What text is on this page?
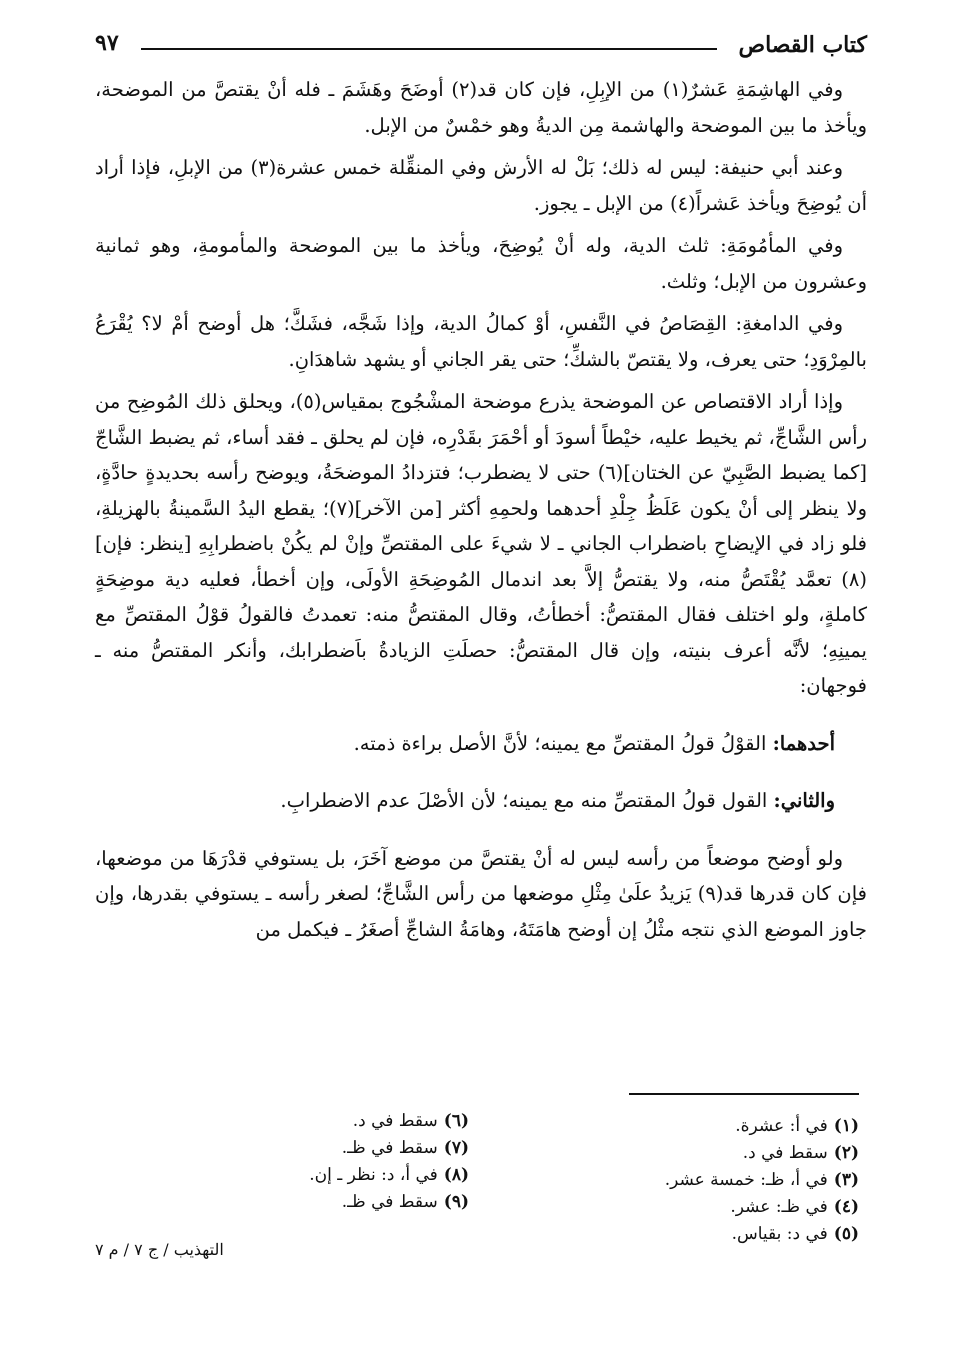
كتاب القصاص
٩٧

وفي الهاشِمَةِ عَشرٌ(١) من الإبِلِ، فإن كان قد(٢) أوضَحَ وهَشَمَ ـ فله أنْ يقتصَّ من الموضحة، ويأخذ ما بين الموضحة والهاشمة مِن الديةُ وهو خمْسٌ من الإبل.

وعند أبي حنيفة: ليس له ذلك؛ بَلْ له الأرش وفي المنقِّلة خمس عشرة(٣) من الإبلِ، فإذا أراد أن يُوضِحَ ويأخذ عَشراً(٤) من الإبل ـ يجوز.

وفي المأمُومَةِ: ثلث الدية، وله أنْ يُوضِحَ، ويأخذ ما بين الموضحة والمأمومةِ، وهو ثمانية وعشرون من الإبل؛ وثلث.

وفي الدامغةِ: القِصَاصُ في النَّفسِ، أوْ كمالُ الدية، وإذا شَجَّه، فشَكَّ؛ هل أوضح أمْ لا؟ يُقْرَعُ بالمِرْوَدِ؛ حتى يعرف، ولا يقتصّ بالشكِّ؛ حتى يقر الجاني أو يشهد شاهدَانِ.

وإذا أراد الاقتصاص عن الموضحة يذرع موضحة المشْجُوج بمقياس(٥)، ويحلق ذلك المُوضِح من رأس الشَّاجِّ، ثم يخيط عليه، خيْطاً أسودَ أو أحْمَرَ بقَدْرِه، فإن لم يحلق ـ فقد أساء، ثم يضبط الشَّاجّ [كما يضبط الصَّبِيّ عن الختان](٦) حتى لا يضطرب؛ فتزدادُ الموضحَةُ، ويوضح رأسه بحديدةٍ حادَّةٍ، ولا ينظر إلى أنْ يكون عَلَظُ جِلْدِ أحدهما ولحمِهِ أكثر [من الآخر](٧)؛ يقطع اليدُ السَّمينةُ بالهزيلةِ، فلو زاد في الإيضاحِ باضطراب الجاني ـ لا شيءَ على المقتصِّ وإنْ لم يكُنْ باضطرابِهِ [ينظر: فإن](٨) تعمَّد يُقْتَصُّ منه، ولا يقتصُّ إلاَّ بعد اندمال المُوضِحَةِ الأولَى، وإن أخطأ، فعليه دية موضِحَةٍ كاملةٍ، ولو اختلف فقال المقتصُّ: أخطأتُ، وقال المقتصُّ منه: تعمدتُ فالقولُ قوْلُ المقتصِّ مع يمينِهِ؛ لأنَّه أعرف بنيته، وإن قال المقتصُّ: حصلَتِ الزيادةُ باَضطرابك، وأنكر المقتصُّ منه ـ فوجهان:

أحدهما: القوْلُ قولُ المقتصِّ مع يمينه؛ لأنَّ الأصل براءة ذمته.

والثاني: القول قولُ المقتصِّ منه مع يمينه؛ لأن الأصْلَ عدم الاضطرابِ.

ولو أوضح موضعاً من رأسه ليس له أنْ يقتصَّ من موضع آخَرَ، بل يستوفي قدْرَهَا من موضعها، فإن كان قدرها قد(٩) يَزيدُ علَىٰ مِثْلِ موضعها من رأس الشَّاجِّ؛ لصغر رأسه ـ يستوفي بقدرها، وإن جاوز الموضع الذي نتجه مثْلُ إن أوضح هامَتَهُ، وهامَةُ الشاجِّ أصغَرُ ـ فيكمل من

(١)في أ: عشرة.
(٢)سقط في د.
(٣)في أ، ظـ: خمسة عشر.
(٤)في ظـ: عشر.
(٥)في د: بقياس.
(٦)سقط في د.
(٧)سقط في ظـ.
(٨)في أ، د: نظر ـ إن.
(٩)سقط في ظـ.
التهذيب / ج ٧ / م ٧
